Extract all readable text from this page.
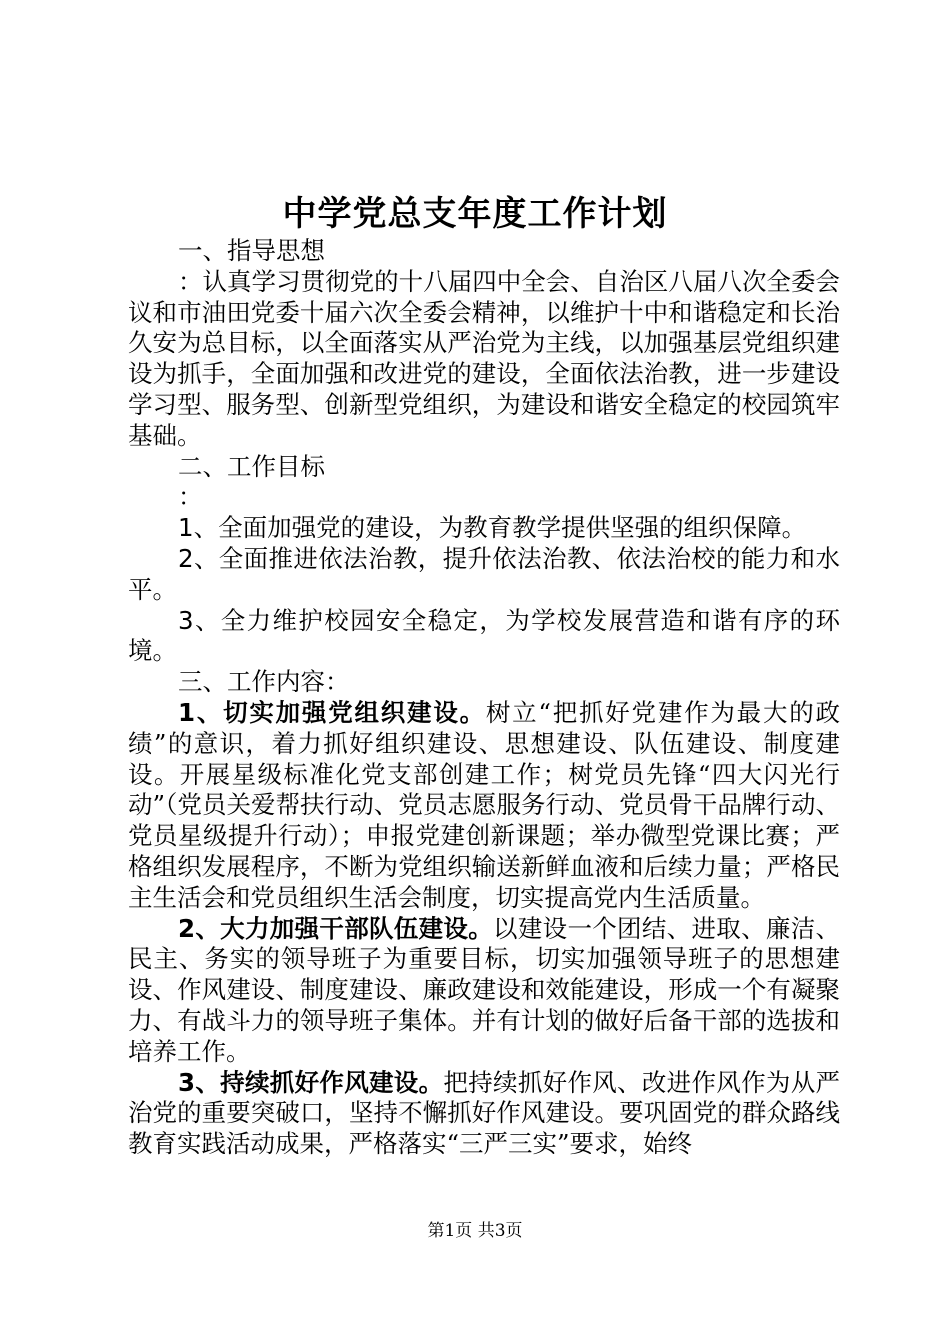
中学党总支年度工作计划

一、指导思想

：认真学习贯彻党的十八届四中全会、自治区八届八次全委会议和市油田党委十届六次全委会精神，以维护十中和谐稳定和长治久安为总目标，以全面落实从严治党为主线，以加强基层党组织建设为抓手，全面加强和改进党的建设，全面依法治教，进一步建设学习型、服务型、创新型党组织，为建设和谐安全稳定的校园筑牢基础。

二、工作目标

：

1、全面加强党的建设，为教育教学提供坚强的组织保障。

2、全面推进依法治教，提升依法治教、依法治校的能力和水平。

3、全力维护校园安全稳定，为学校发展营造和谐有序的环境。

三、工作内容：

1、切实加强党组织建设。树立“把抓好党建作为最大的政绩”的意识，着力抓好组织建设、思想建设、队伍建设、制度建设。开展星级标准化党支部创建工作；树党员先锋“四大闪光行动”（党员关爱帮扶行动、党员志愿服务行动、党员骨干品牌行动、党员星级提升行动）；申报党建创新课题；举办微型党课比赛；严格组织发展程序，不断为党组织输送新鲜血液和后续力量；严格民主生活会和党员组织生活会制度，切实提高党内生活质量。

2、大力加强干部队伍建设。以建设一个团结、进取、廉洁、民主、务实的领导班子为重要目标，切实加强领导班子的思想建设、作风建设、制度建设、廉政建设和效能建设，形成一个有凝聚力、有战斗力的领导班子集体。并有计划的做好后备干部的选拔和培养工作。

3、持续抓好作风建设。把持续抓好作风、改进作风作为从严治党的重要突破口，坚持不懈抓好作风建设。要巩固党的群众路线教育实践活动成果，严格落实“三严三实”要求，始终

第1页 共3页
